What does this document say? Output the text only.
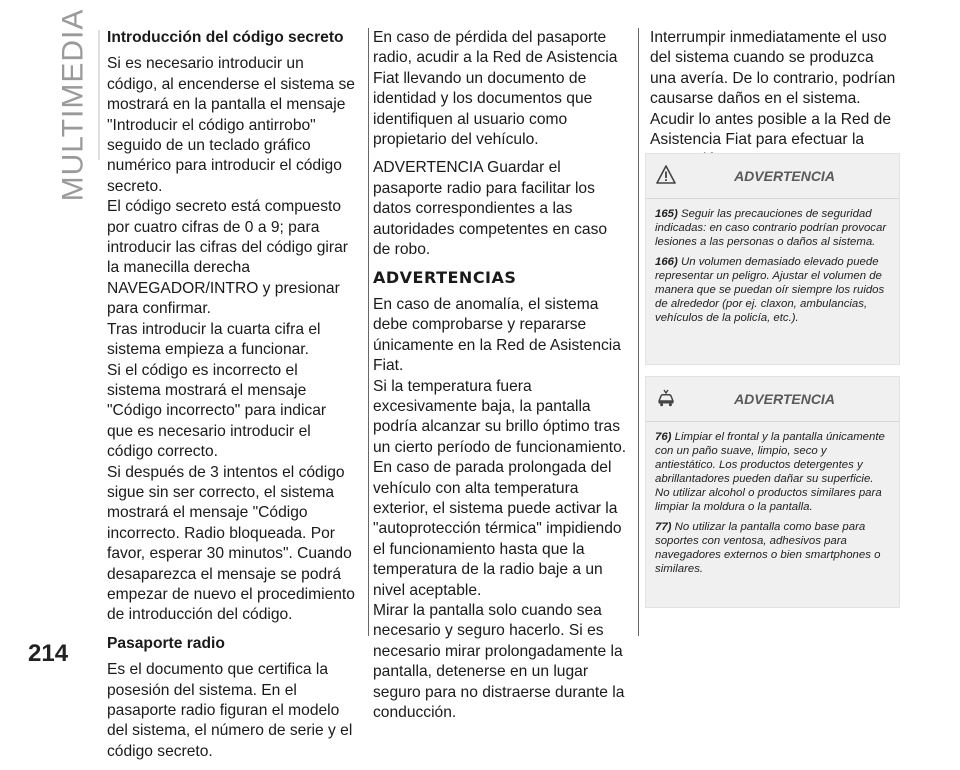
MULTIMEDIA Introducción del código secreto

Si es necesario introducir un código, al encenderse el sistema se mostrará en la pantalla el mensaje "Introducir el código antirrobo" seguido de un teclado gráfico numérico para introducir el código secreto.

El código secreto está compuesto por cuatro cifras de 0 a 9; para introducir las cifras del código girar la manecilla derecha NAVEGADOR/INTRO y presionar para confirmar.

Tras introducir la cuarta cifra el sistema empieza a funcionar.

Si el código es incorrecto el sistema mostrará el mensaje "Código incorrecto" para indicar que es necesario introducir el código correcto.

Si después de 3 intentos el código sigue sin ser correcto, el sistema mostrará el mensaje "Código incorrecto. Radio bloqueada. Por favor, esperar 30 minutos". Cuando desaparezca el mensaje se podrá empezar de nuevo el procedimiento de introducción del código.

Pasaporte radio

Es el documento que certifica la posesión del sistema. En el pasaporte radio figuran el modelo del sistema, el número de serie y el código secreto.

En caso de pérdida del pasaporte radio, acudir a la Red de Asistencia Fiat llevando un documento de identidad y los documentos que identifiquen al usuario como propietario del vehículo.

ADVERTENCIA Guardar el pasaporte radio para facilitar los datos correspondientes a las autoridades competentes en caso de robo.

ADVERTENCIAS

En caso de anomalía, el sistema debe comprobarse y repararse únicamente en la Red de Asistencia Fiat.

Si la temperatura fuera excesivamente baja, la pantalla podría alcanzar su brillo óptimo tras un cierto período de funcionamiento.

En caso de parada prolongada del vehículo con alta temperatura exterior, el sistema puede activar la "autoprotección térmica" impidiendo el funcionamiento hasta que la temperatura de la radio baje a un nivel aceptable.

Mirar la pantalla solo cuando sea necesario y seguro hacerlo. Si es necesario mirar prolongadamente la pantalla, detenerse en un lugar seguro para no distraerse durante la conducción.

Interrumpir inmediatamente el uso del sistema cuando se produzca una avería. De lo contrario, podrían causarse daños en el sistema. Acudir lo antes posible a la Red de Asistencia Fiat para efectuar la

ADVERTENCIA
165) Seguir las precauciones de seguridad indicadas: en caso contrario podrían provocar lesiones a las personas o daños al sistema.
166) Un volumen demasiado elevado puede representar un peligro. Ajustar el volumen de manera que se puedan oír siempre los ruidos de alrededor (por ej. claxon, ambulancias, vehículos de la policía, etc.).
ADVERTENCIA
76) Limpiar el frontal y la pantalla únicamente con un paño suave, limpio, seco y antiestático. Los productos detergentes y abrillantadores pueden dañar su superficie. No utilizar alcohol o productos similares para limpiar la moldura o la pantalla.
77) No utilizar la pantalla como base para soportes con ventosa, adhesivos para navegadores externos o bien smartphones o similares.
214
